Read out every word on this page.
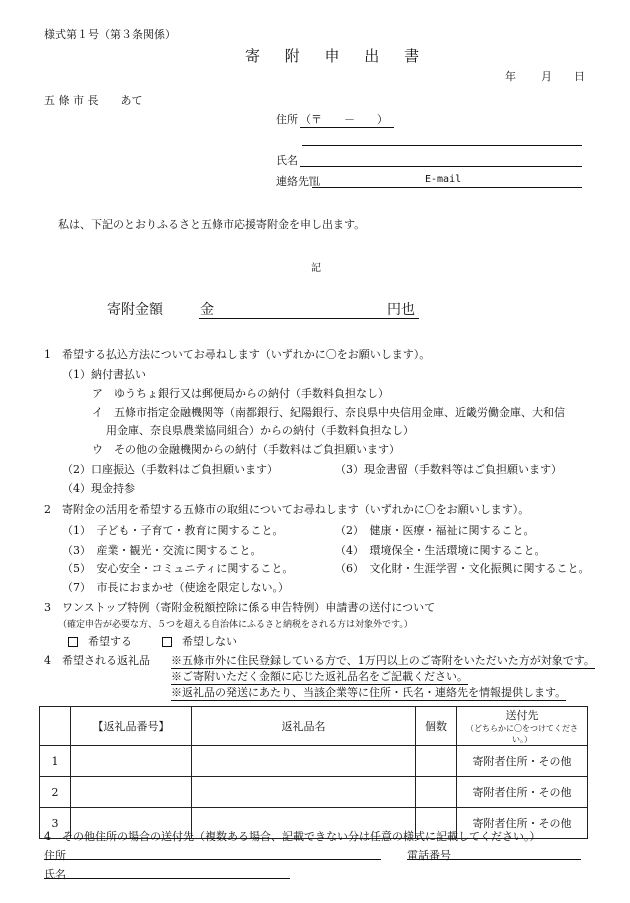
様式第１号（第３条関係）
寄 附 申 出 書
年 月 日
五 條 市 長　　あて
住所 （〒　　－　　）
氏名
連絡先℡	E-mail
私は、下記のとおりふるさと五條市応援寄附金を申し出ます。
記
寄附金額	金	円也
1　希望する払込方法についてお尋ねします（いずれかに〇をお願いします）。
（1）納付書払い
ア　ゆうちょ銀行又は郵便局からの納付（手数料負担なし）
イ　五條市指定金融機関等（南都銀行、紀陽銀行、奈良県中央信用金庫、近畿労働金庫、大和信
用金庫、奈良県農業協同組合）からの納付（手数料負担なし）
ウ　その他の金融機関からの納付（手数料はご負担願います）
（2）口座振込（手数料はご負担願います）	（3）現金書留（手数料等はご負担願います）
（4）現金持参
2　寄附金の活用を希望する五條市の取組についてお尋ねします（いずれかに〇をお願いします）。
（1）　子ども・子育て・教育に関すること。	（2）　健康・医療・福祉に関すること。
（3）　産業・観光・交流に関すること。	（4）　環境保全・生活環境に関すること。
（5）　安心安全・コミュニティに関すること。	（6）　文化財・生涯学習・文化振興に関すること。
（7）　市長におまかせ（使途を限定しない。）
3　ワンストップ特例（寄附金税額控除に係る申告特例）申請書の送付について
（確定申告が必要な方、５つを超える自治体にふるさと納税をされる方は対象外です。）
希望する	希望しない
4　希望される返礼品 ※五條市外に住民登録している方で、1万円以上のご寄附をいただいた方が対象です。
※ご寄附いただく金額に応じた返礼品名をご記載ください。
※返礼品の発送にあたり、当該企業等に住所・氏名・連絡先を情報提供します。
	【返礼品番号】	返礼品名	個数	送付先
（どちらかに〇をつけてください。）

1				寄附者住所・その他
2				寄附者住所・その他
3				寄附者住所・その他
4　その他住所の場合の送付先（複数ある場合、記載できない分は任意の様式に記載してください。）
住所	電話番号
氏名
